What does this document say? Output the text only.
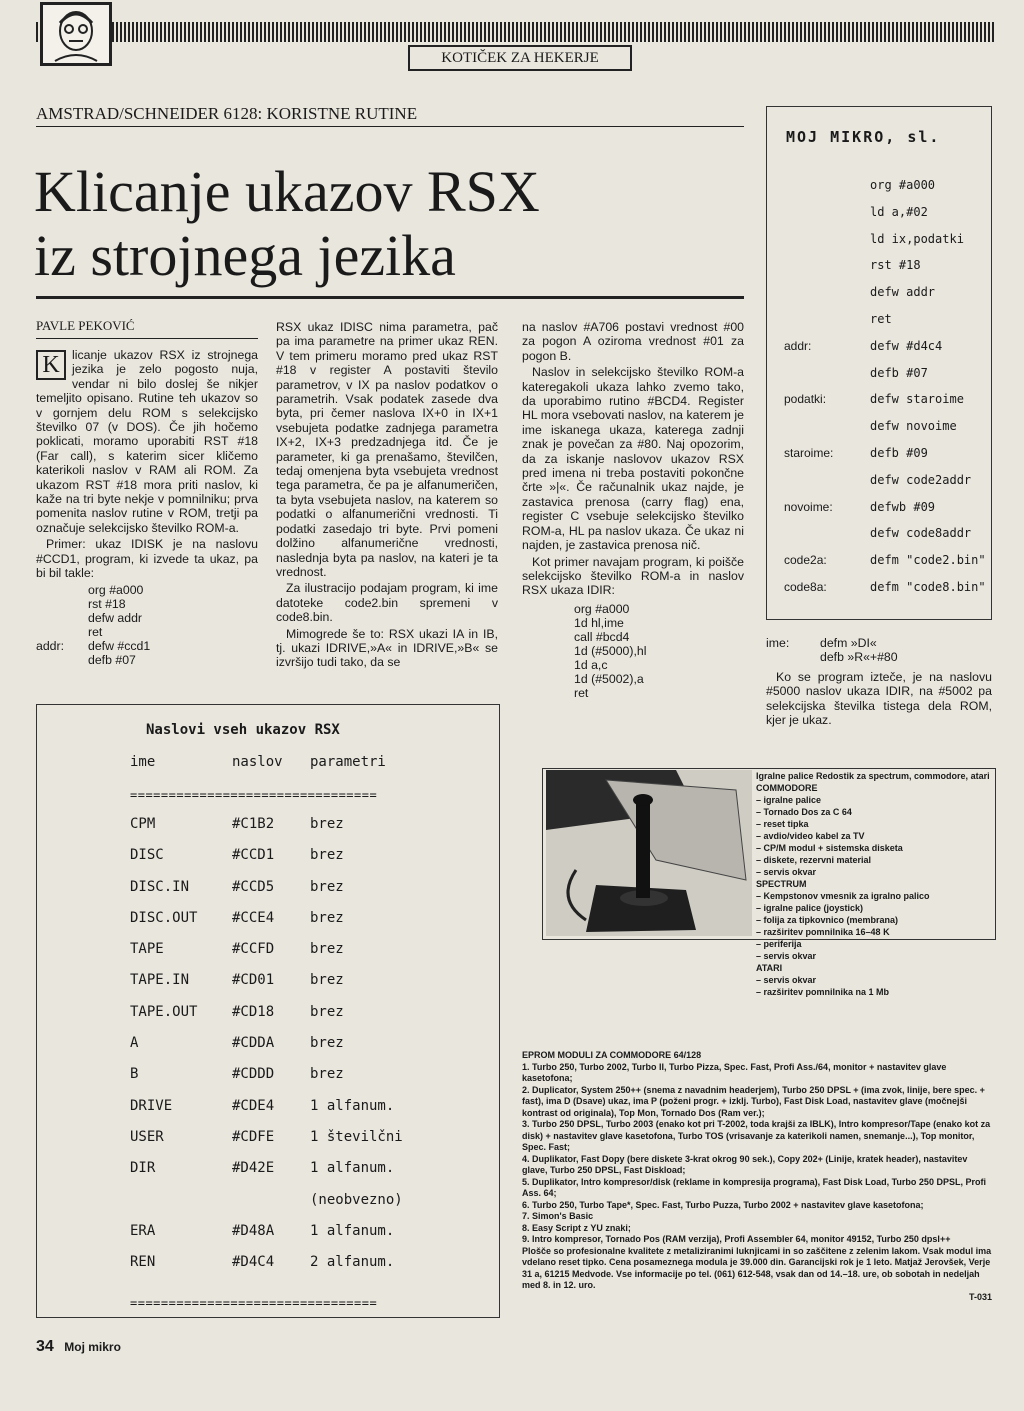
KOTIČEK ZA HEKERJE
AMSTRAD/SCHNEIDER 6128: KORISTNE RUTINE
Klicanje ukazov RSX
iz strojnega jezika
PAVLE PEKOVIĆ

K	licanje ukazov RSX iz strojnega jezika je zelo pogosto nuja, vendar ni bilo doslej še nikjer temeljito opisano. Rutine teh ukazov so v gornjem delu ROM s selekcijsko številko 07 (v DOS). Če jih hočemo poklicati, moramo uporabiti RST #18 (Far call), s katerim sicer kličemo katerikoli naslov v RAM ali ROM. Za ukazom RST #18 mora priti naslov, ki kaže na tri byte nekje v pomnilniku; prva pomenita naslov rutine v ROM, tretji pa označuje selekcijsko številko ROM-a.

Primer: ukaz IDISK je na naslovu #CCD1, program, ki izvede ta ukaz, pa bi bil takle:

org #a000
rst #18
defw addr
ret
addr: defw #ccd1
defb #07

RSX ukaz IDISC nima parametra, pač pa ima parametre na primer ukaz REN. V tem primeru moramo pred ukaz RST #18 v register A postaviti število parametrov, v IX pa naslov podatkov o parametrih. Vsak podatek zasede dva byta, pri čemer naslova IX+0 in IX+1 vsebujeta podatke zadnjega parametra IX+2, IX+3 predzadnjega itd. Če je parameter, ki ga prenašamo, številčen, tedaj omenjena byta vsebujeta vrednost tega parametra, če pa je alfanumeričen, ta byta vsebujeta naslov, na katerem so podatki o alfanumerični vrednosti. Ti podatki zasedajo tri byte. Prvi pomeni dolžino alfanumerične vrednosti, naslednja byta pa naslov, na kateri je ta vrednost.

Za ilustracijo podajam program, ki ime datoteke code2.bin spremeni v code8.bin.

Mimogrede še to: RSX ukazi IA in IB, tj. ukazi IDRIVE,»A« in IDRIVE,»B« se izvršijo tudi tako, da se

na naslov #A706 postavi vrednost #00 za pogon A oziroma vrednost #01 za pogon B.

Naslov in selekcijsko številko ROM-a kateregakoli ukaza lahko zvemo tako, da uporabimo rutino #BCD4. Register HL mora vsebovati naslov, na katerem je ime iskanega ukaza, katerega zadnji znak je povečan za #80. Naj opozorim, da za iskanje naslovov ukazov RSX pred imena ni treba postaviti pokončne črte »|«. Če računalnik ukaz najde, je zastavica prenosa (carry flag) ena, register C vsebuje selekcijsko številko ROM-a, HL pa naslov ukaza. Če ukaz ni najden, je zastavica prenosa nič.

Kot primer navajam program, ki poišče selekcijsko številko ROM-a in naslov RSX ukaza IDIR:

org #a000
1d hl,ime
call #bcd4
1d (#5000),hl
1d a,c
1d (#5002),a
ret
MOJ MIKRO, sl.
org #a000
ld a,#02
ld ix,podatki
rst #18
defw addr
ret
addr:	defw #d4c4
defb #07
podatki:	defw staroime
defw novoime
staroime:	defb #09
defw code2addr
novoime:	defwb #09
defw code8addr
code2a:	defm "code2.bin"
code8a:	defm "code8.bin"
ime:	defm »DI«
defb »R«+#80

Ko se program izteče, je na naslovu #5000 naslov ukaza IDIR, na #5002 pa selekcijska številka tistega dela ROM, kjer je ukaz.

Naslovi vseh ukazov RSX
ime	naslov parametri
================================
CPM	#C1B2	brez
DISC	#CCD1	brez
DISC.IN	#CCD5	brez
DISC.OUT #CCE4	brez
TAPE	#CCFD	brez
TAPE.IN	#CD01	brez
TAPE.OUT #CD18	brez
A	#CDDA	brez
B	#CDDD	brez
DRIVE	#CDE4	1 alfanum.
USER	#CDFE	1 številčni
DIR	#D42E	1 alfanum.
(neobvezno)
ERA	#D48A	1 alfanum.
REN	#D4C4	2 alfanum.
================================
Igralne palice Redostik za spectrum, commodore, atari
COMMODORE
– igralne palice
– Tornado Dos za C 64
– reset tipka
– avdio/video kabel za TV
– CP/M modul + sistemska disketa
– diskete, rezervni material
– servis okvar
SPECTRUM
– Kempstonov vmesnik za igralno palico
– igralne palice (joystick)
– folija za tipkovnico (membrana)
– razširitev pomnilnika 16–48 K
– periferija
– servis okvar
ATARI
– servis okvar
– razširitev pomnilnika na 1 Mb
EPROM MODULI ZA COMMODORE 64/128
1. Turbo 250, Turbo 2002, Turbo II, Turbo Pizza, Spec. Fast, Profi Ass./64, monitor + nastavitev glave kasetofona;
2. Duplicator, System 250++ (snema z navadnim headerjem), Turbo 250 DPSL + (ima zvok, linije, bere spec. + fast), ima D (Dsave) ukaz, ima P (poženi progr. + izklj. Turbo), Fast Disk Load, nastavitev glave (močnejši kontrast od originala), Top Mon, Tornado Dos (Ram ver.);
3. Turbo 250 DPSL, Turbo 2003 (enako kot pri T-2002, toda krajši za IBLK), Intro kompresor/Tape (enako kot za disk) + nastavitev glave kasetofona, Turbo TOS (vrisavanje za katerikoli namen, snemanje...), Top monitor, Spec. Fast;
4. Duplikator, Fast Dopy (bere diskete 3-krat okrog 90 sek.), Copy 202+ (Linije, kratek header), nastavitev glave, Turbo 250 DPSL, Fast Diskload;
5. Duplikator, Intro kompresor/disk (reklame in kompresija programa), Fast Disk Load, Turbo 250 DPSL, Profi Ass. 64;
6. Turbo 250, Turbo Tape*, Spec. Fast, Turbo Puzza, Turbo 2002 + nastavitev glave kasetofona;
7. Simon's Basic
8. Easy Script z YU znaki;
9. Intro kompresor, Tornado Pos (RAM verzija), Profi Assembler 64, monitor 49152, Turbo 250 dpsl++
Plošče so profesionalne kvalitete z metaliziranimi luknjicami in so zaščitene z zelenim lakom. Vsak modul ima vdelano reset tipko. Cena posameznega modula je 39.000 din. Garancijski rok je 1 leto. Matjaž Jerovšek, Verje 31 a, 61215 Medvode. Vse informacije po tel. (061) 612-548, vsak dan od 14.–18. ure, ob sobotah in nedeljah med 8. in 12. uro.
T-031
34 Moj mikro
